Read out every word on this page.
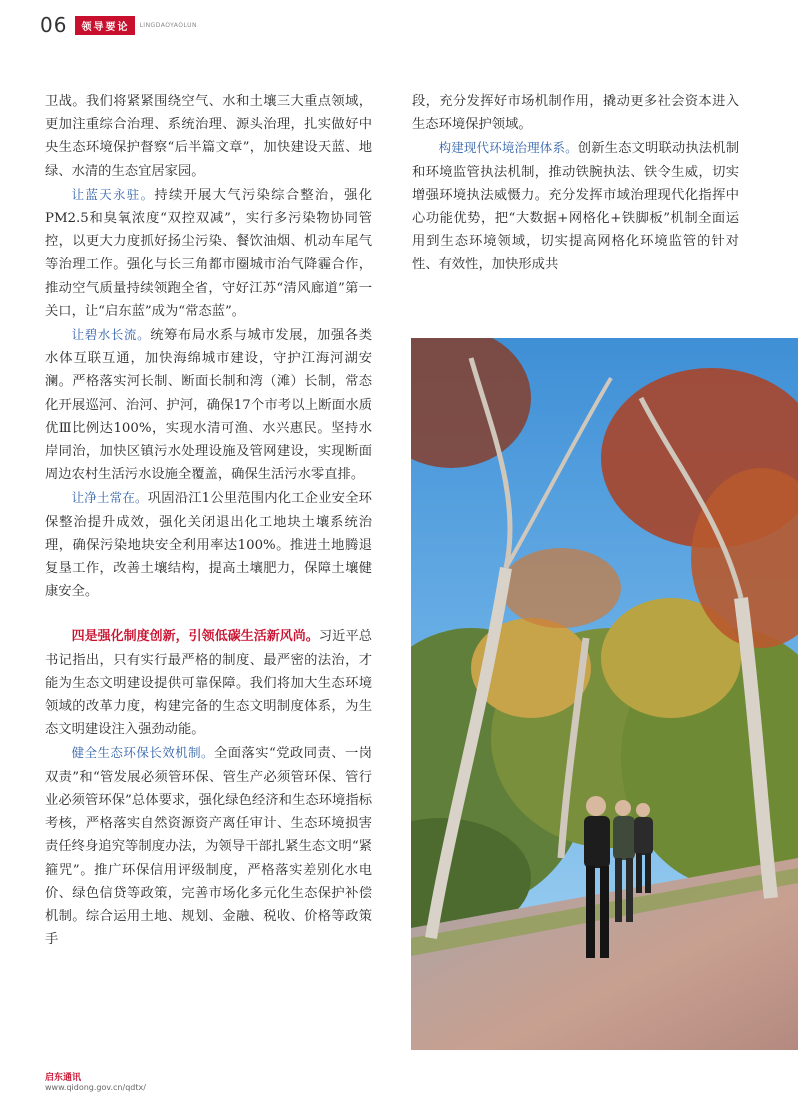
06	领导要论	LINGDAOYAOLUN

卫战。我们将紧紧围绕空气、水和土壤三大重点领域，更加注重综合治理、系统治理、源头治理，扎实做好中央生态环境保护督察“后半篇文章”，加快建设天蓝、地绿、水清的生态宜居家园。

让蓝天永驻。持续开展大气污染综合整治，强化PM2.5和臭氧浓度“双控双减”，实行多污染物协同管控，以更大力度抓好扬尘污染、餐饮油烟、机动车尾气等治理工作。强化与长三角都市圈城市治气降霾合作，推动空气质量持续领跑全省，守好江苏“清风廊道”第一关口，让“启东蓝”成为“常态蓝”。

让碧水长流。统筹布局水系与城市发展，加强各类水体互联互通，加快海绵城市建设，守护江海河湖安澜。严格落实河长制、断面长制和湾（滩）长制，常态化开展巡河、治河、护河，确保17个市考以上断面水质优Ⅲ比例达100%，实现水清可渔、水兴惠民。坚持水岸同治，加快区镇污水处理设施及管网建设，实现断面周边农村生活污水设施全覆盖，确保生活污水零直排。

让净土常在。巩固沿江1公里范围内化工企业安全环保整治提升成效，强化关闭退出化工地块土壤系统治理，确保污染地块安全利用率达100%。推进土地腾退复垦工作，改善土壤结构，提高土壤肥力，保障土壤健康安全。

四是强化制度创新，引领低碳生活新风尚。习近平总书记指出，只有实行最严格的制度、最严密的法治，才能为生态文明建设提供可靠保障。我们将加大生态环境领域的改革力度，构建完备的生态文明制度体系，为生态文明建设注入强劲动能。

健全生态环保长效机制。全面落实“党政同责、一岗双责”和“管发展必须管环保、管生产必须管环保、管行业必须管环保”总体要求，强化绿色经济和生态环境指标考核，严格落实自然资源资产离任审计、生态环境损害责任终身追究等制度办法，为领导干部扎紧生态文明“紧箍咒”。推广环保信用评级制度，严格落实差别化水电价、绿色信贷等政策，完善市场化多元化生态保护补偿机制。综合运用土地、规划、金融、税收、价格等政策手

段，充分发挥好市场机制作用，撬动更多社会资本进入生态环境保护领域。

构建现代环境治理体系。创新生态文明联动执法机制和环境监管执法机制，推动铁腕执法、铁令生威，切实增强环境执法威慑力。充分发挥市域治理现代化指挥中心功能优势，把“大数据+网格化+铁脚板”机制全面运用到生态环境领域，切实提高网格化环境监管的针对性、有效性，加快形成共

启东通讯
www.qidong.gov.cn/qdtx/
